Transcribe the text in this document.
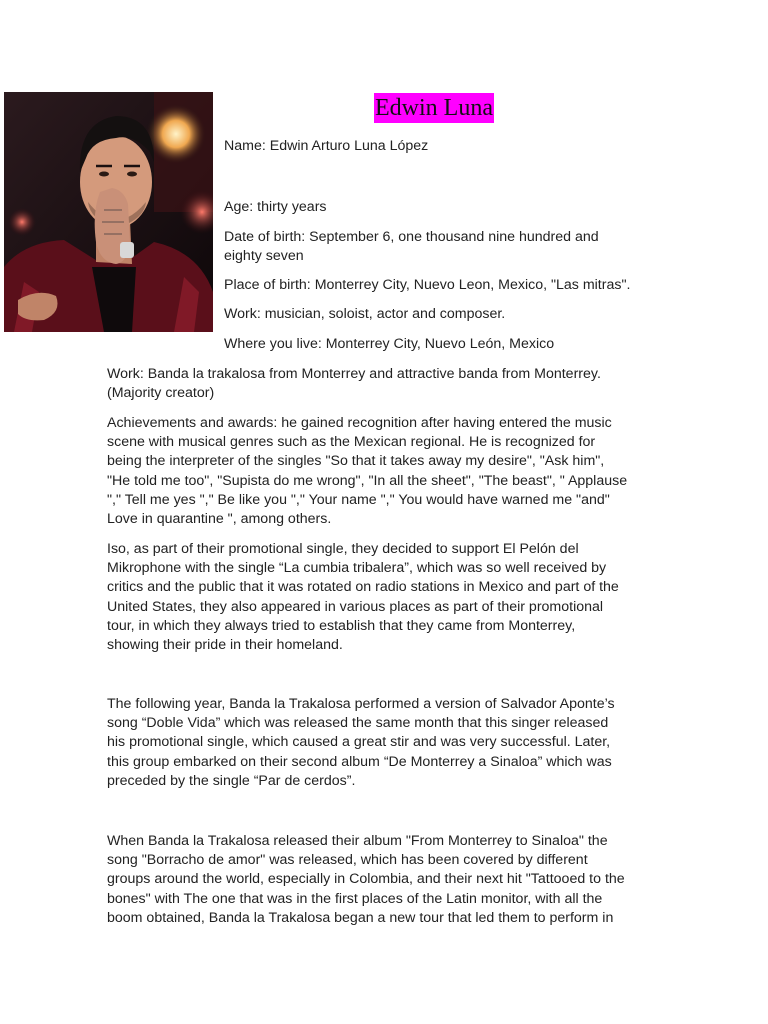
Edwin Luna

Name: Edwin Arturo Luna López

Age: thirty years

Date of birth: September 6, one thousand nine hundred and
eighty seven

Place of birth: Monterrey City, Nuevo Leon, Mexico, "Las mitras".

Work: musician, soloist, actor and composer.

Where you live: Monterrey City, Nuevo León, Mexico

Work: Banda la trakalosa from Monterrey and attractive banda from Monterrey.
(Majority creator)

Achievements and awards: he gained recognition after having entered the music
scene with musical genres such as the Mexican regional. He is recognized for
being the interpreter of the singles "So that it takes away my desire", "Ask him",
"He told me too", "Supista do me wrong", "In all the sheet", "The beast", " Applause
"," Tell me yes "," Be like you "," Your name "," You would have warned me "and"
Love in quarantine ", among others.

Iso, as part of their promotional single, they decided to support El Pelón del
Mikrophone with the single “La cumbia tribalera”, which was so well received by
critics and the public that it was rotated on radio stations in Mexico and part of the
United States, they also appeared in various places as part of their promotional
tour, in which they always tried to establish that they came from Monterrey,
showing their pride in their homeland.

The following year, Banda la Trakalosa performed a version of Salvador Aponte’s
song “Doble Vida” which was released the same month that this singer released
his promotional single, which caused a great stir and was very successful. Later,
this group embarked on their second album “De Monterrey a Sinaloa” which was
preceded by the single “Par de cerdos”.

When Banda la Trakalosa released their album "From Monterrey to Sinaloa" the
song "Borracho de amor" was released, which has been covered by different
groups around the world, especially in Colombia, and their next hit "Tattooed to the
bones" with The one that was in the first places of the Latin monitor, with all the
boom obtained, Banda la Trakalosa began a new tour that led them to perform in
